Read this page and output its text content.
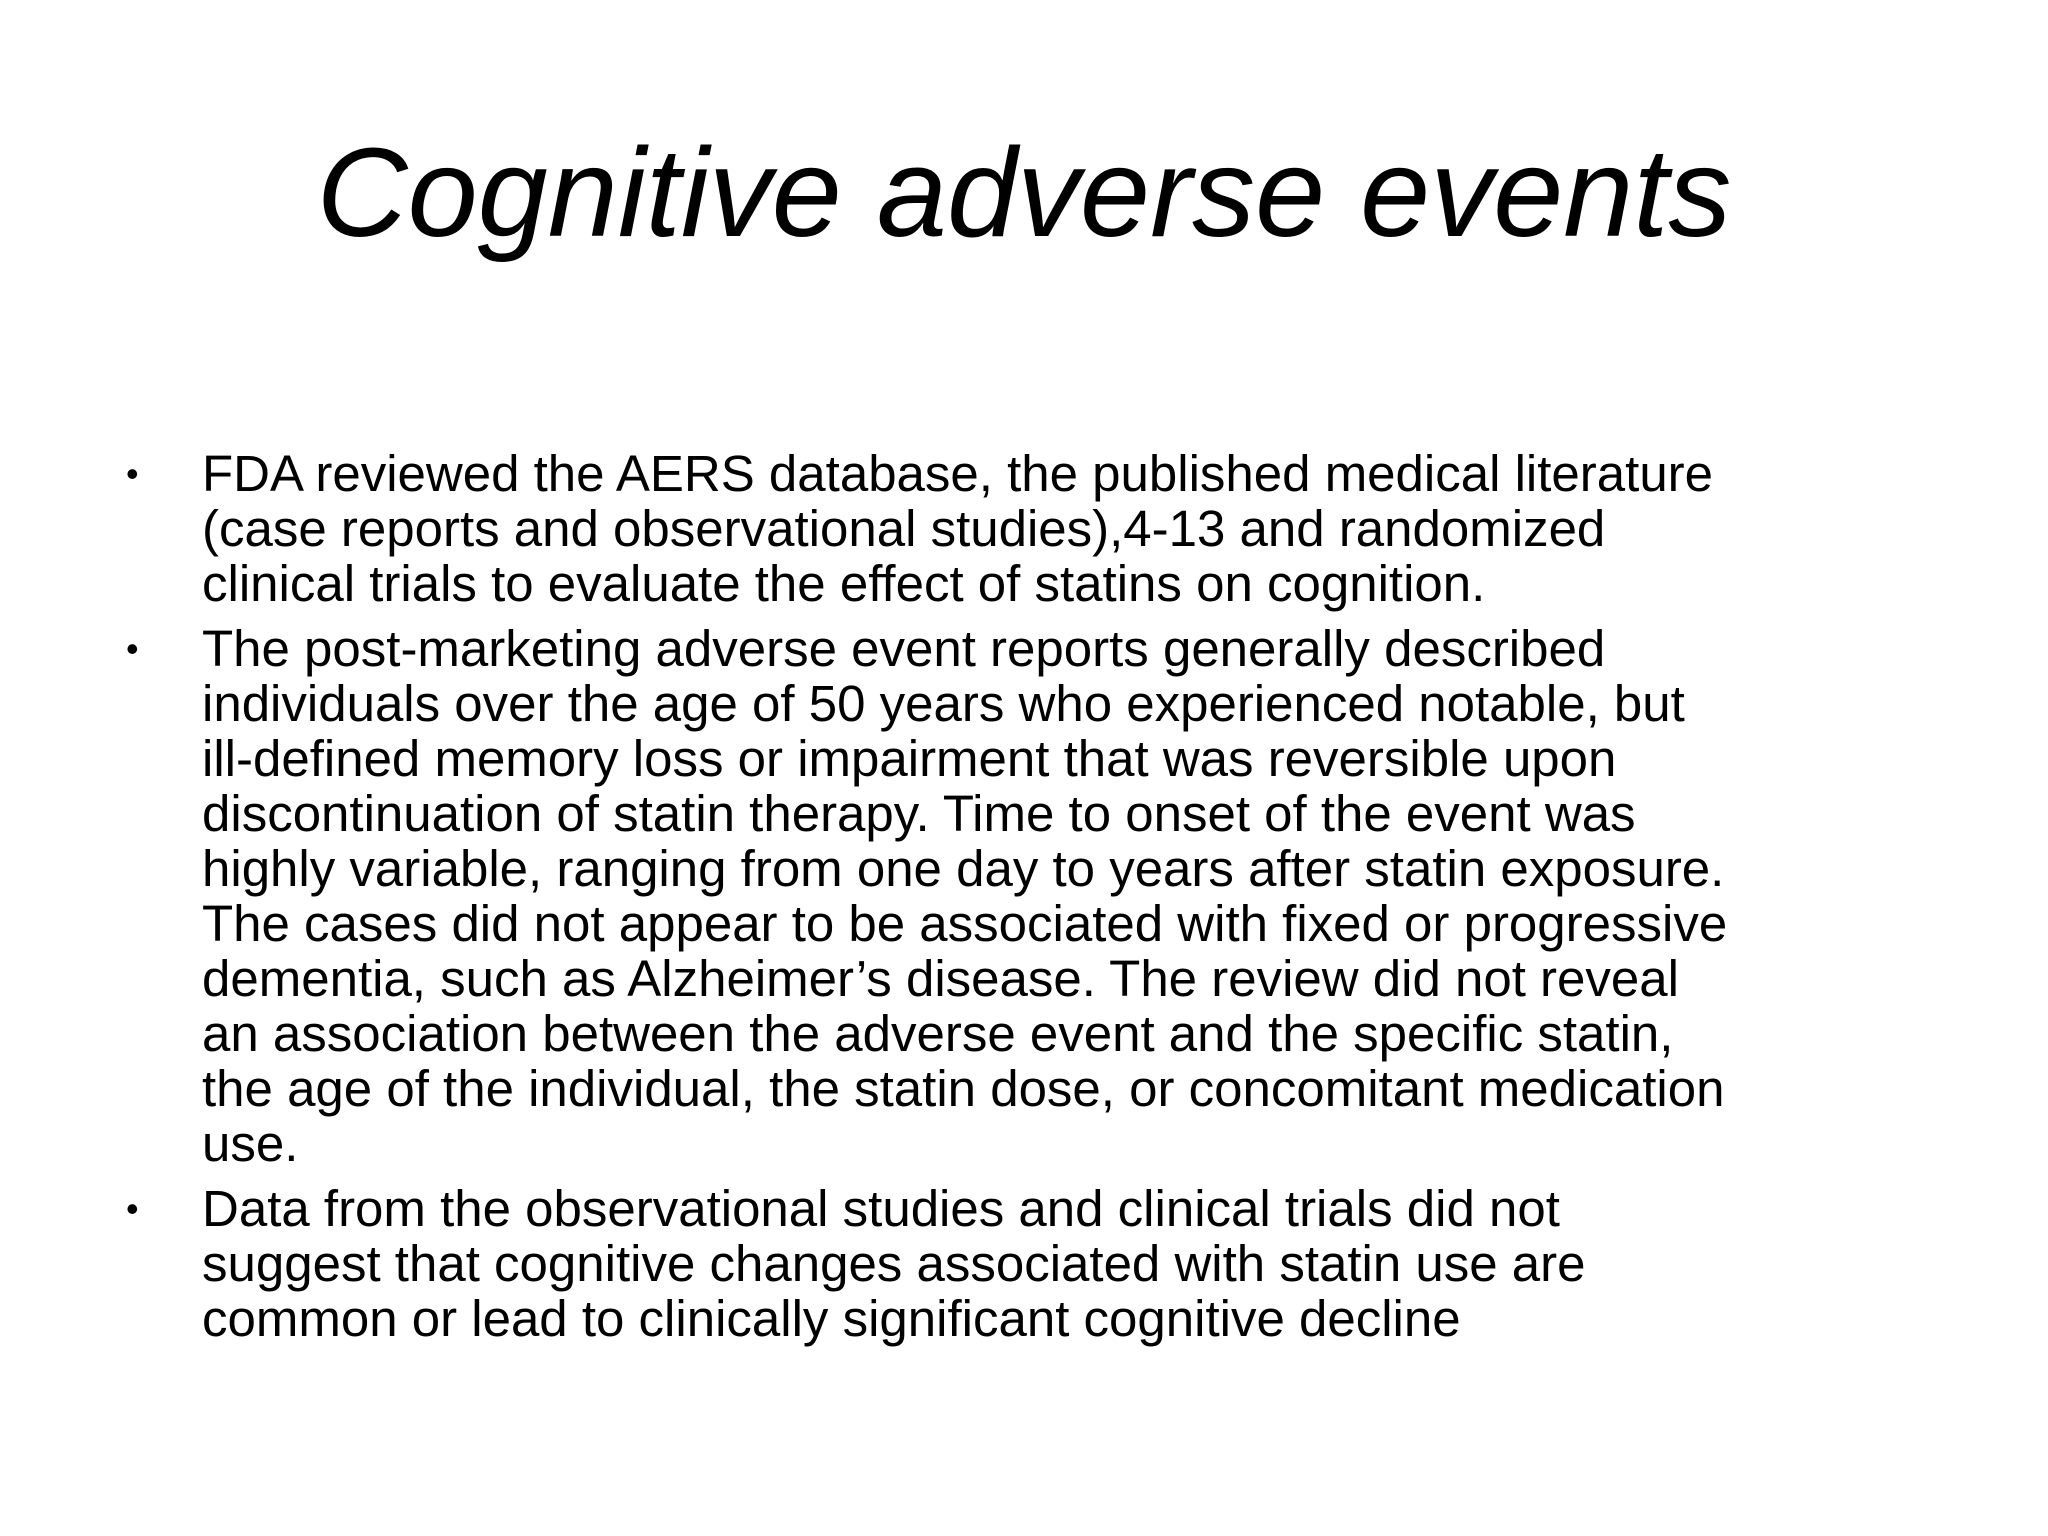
Cognitive adverse events
• FDA reviewed the AERS database, the published medical literature
(case reports and observational studies),4-13 and randomized
clinical trials to evaluate the effect of statins on cognition.
• The post-marketing adverse event reports generally described
individuals over the age of 50 years who experienced notable, but
ill-defined memory loss or impairment that was reversible upon
discontinuation of statin therapy. Time to onset of the event was
highly variable, ranging from one day to years after statin exposure.
The cases did not appear to be associated with fixed or progressive
dementia, such as Alzheimer’s disease. The review did not reveal
an association between the adverse event and the specific statin,
the age of the individual, the statin dose, or concomitant medication
use.
• Data from the observational studies and clinical trials did not
suggest that cognitive changes associated with statin use are
common or lead to clinically significant cognitive decline
